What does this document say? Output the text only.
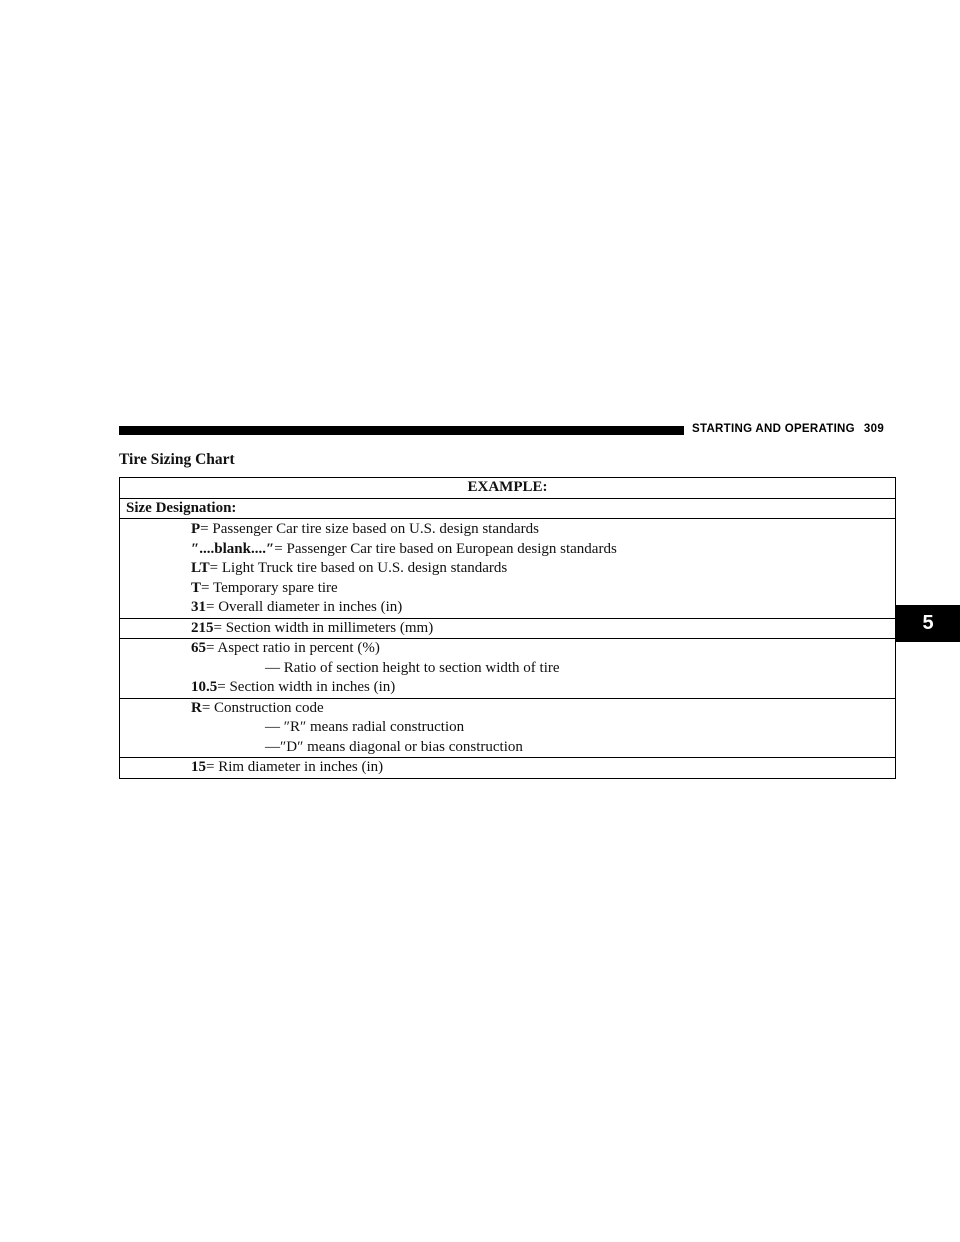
STARTING AND OPERATING 309
5
Tire Sizing Chart
EXAMPLE:
Size Designation:

P= Passenger Car tire size based on U.S. design standards
″....blank....″= Passenger Car tire based on European design standards
LT= Light Truck tire based on U.S. design standards
T= Temporary spare tire
31= Overall diameter in inches (in)

215= Section width in millimeters (mm)

65= Aspect ratio in percent (%)
— Ratio of section height to section width of tire
10.5= Section width in inches (in)

R= Construction code
— ″R″ means radial construction
—″D″ means diagonal or bias construction

15= Rim diameter in inches (in)
